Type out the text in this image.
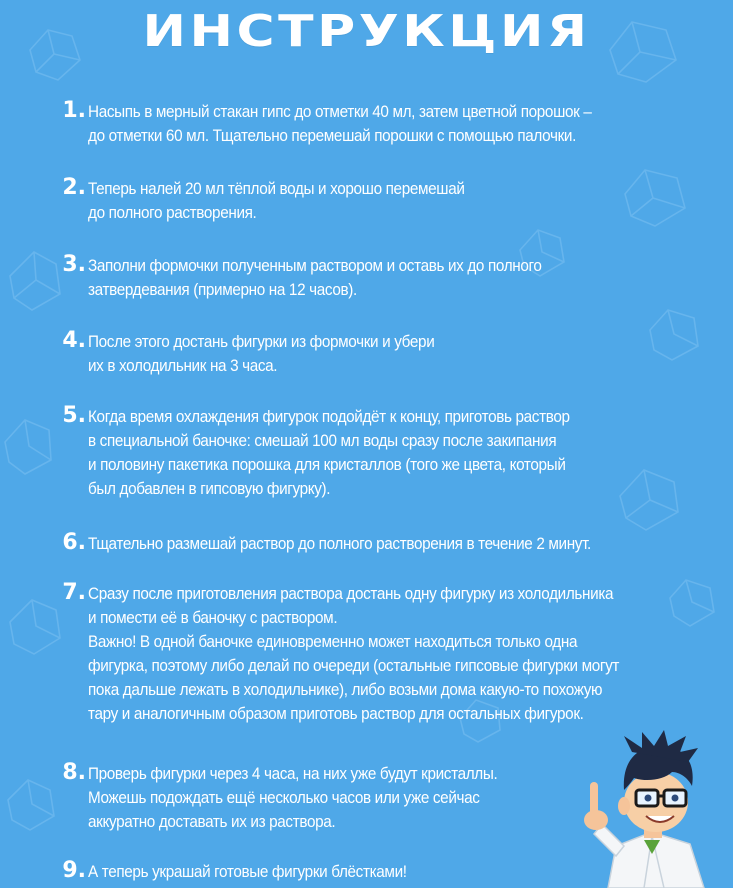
ИНСТРУКЦИЯ
1. Насыпь в мерный стакан гипс до отметки 40 мл, затем цветной порошок –
до отметки 60 мл. Тщательно перемешай порошки с помощью палочки.
2. Теперь налей 20 мл тёплой воды и хорошо перемешай
до полного растворения.
3. Заполни формочки полученным раствором и оставь их до полного
затвердевания (примерно на 12 часов).
4. После этого достань фигурки из формочки и убери
их в холодильник на 3 часа.
5. Когда время охлаждения фигурок подойдёт к концу, приготовь раствор
в специальной баночке: смешай 100 мл воды сразу после закипания
и половину пакетика порошка для кристаллов (того же цвета, который
был добавлен в гипсовую фигурку).
6. Тщательно размешай раствор до полного растворения в течение 2 минут.
7. Сразу после приготовления раствора достань одну фигурку из холодильника
и помести её в баночку с раствором.
Важно! В одной баночке единовременно может находиться только одна
фигурка, поэтому либо делай по очереди (остальные гипсовые фигурки могут
пока дальше лежать в холодильнике), либо возьми дома какую-то похожую
тару и аналогичным образом приготовь раствор для остальных фигурок.
8. Проверь фигурки через 4 часа, на них уже будут кристаллы.
Можешь подождать ещё несколько часов или уже сейчас
аккуратно доставать их из раствора.
9. А теперь украшай готовые фигурки блёстками!
